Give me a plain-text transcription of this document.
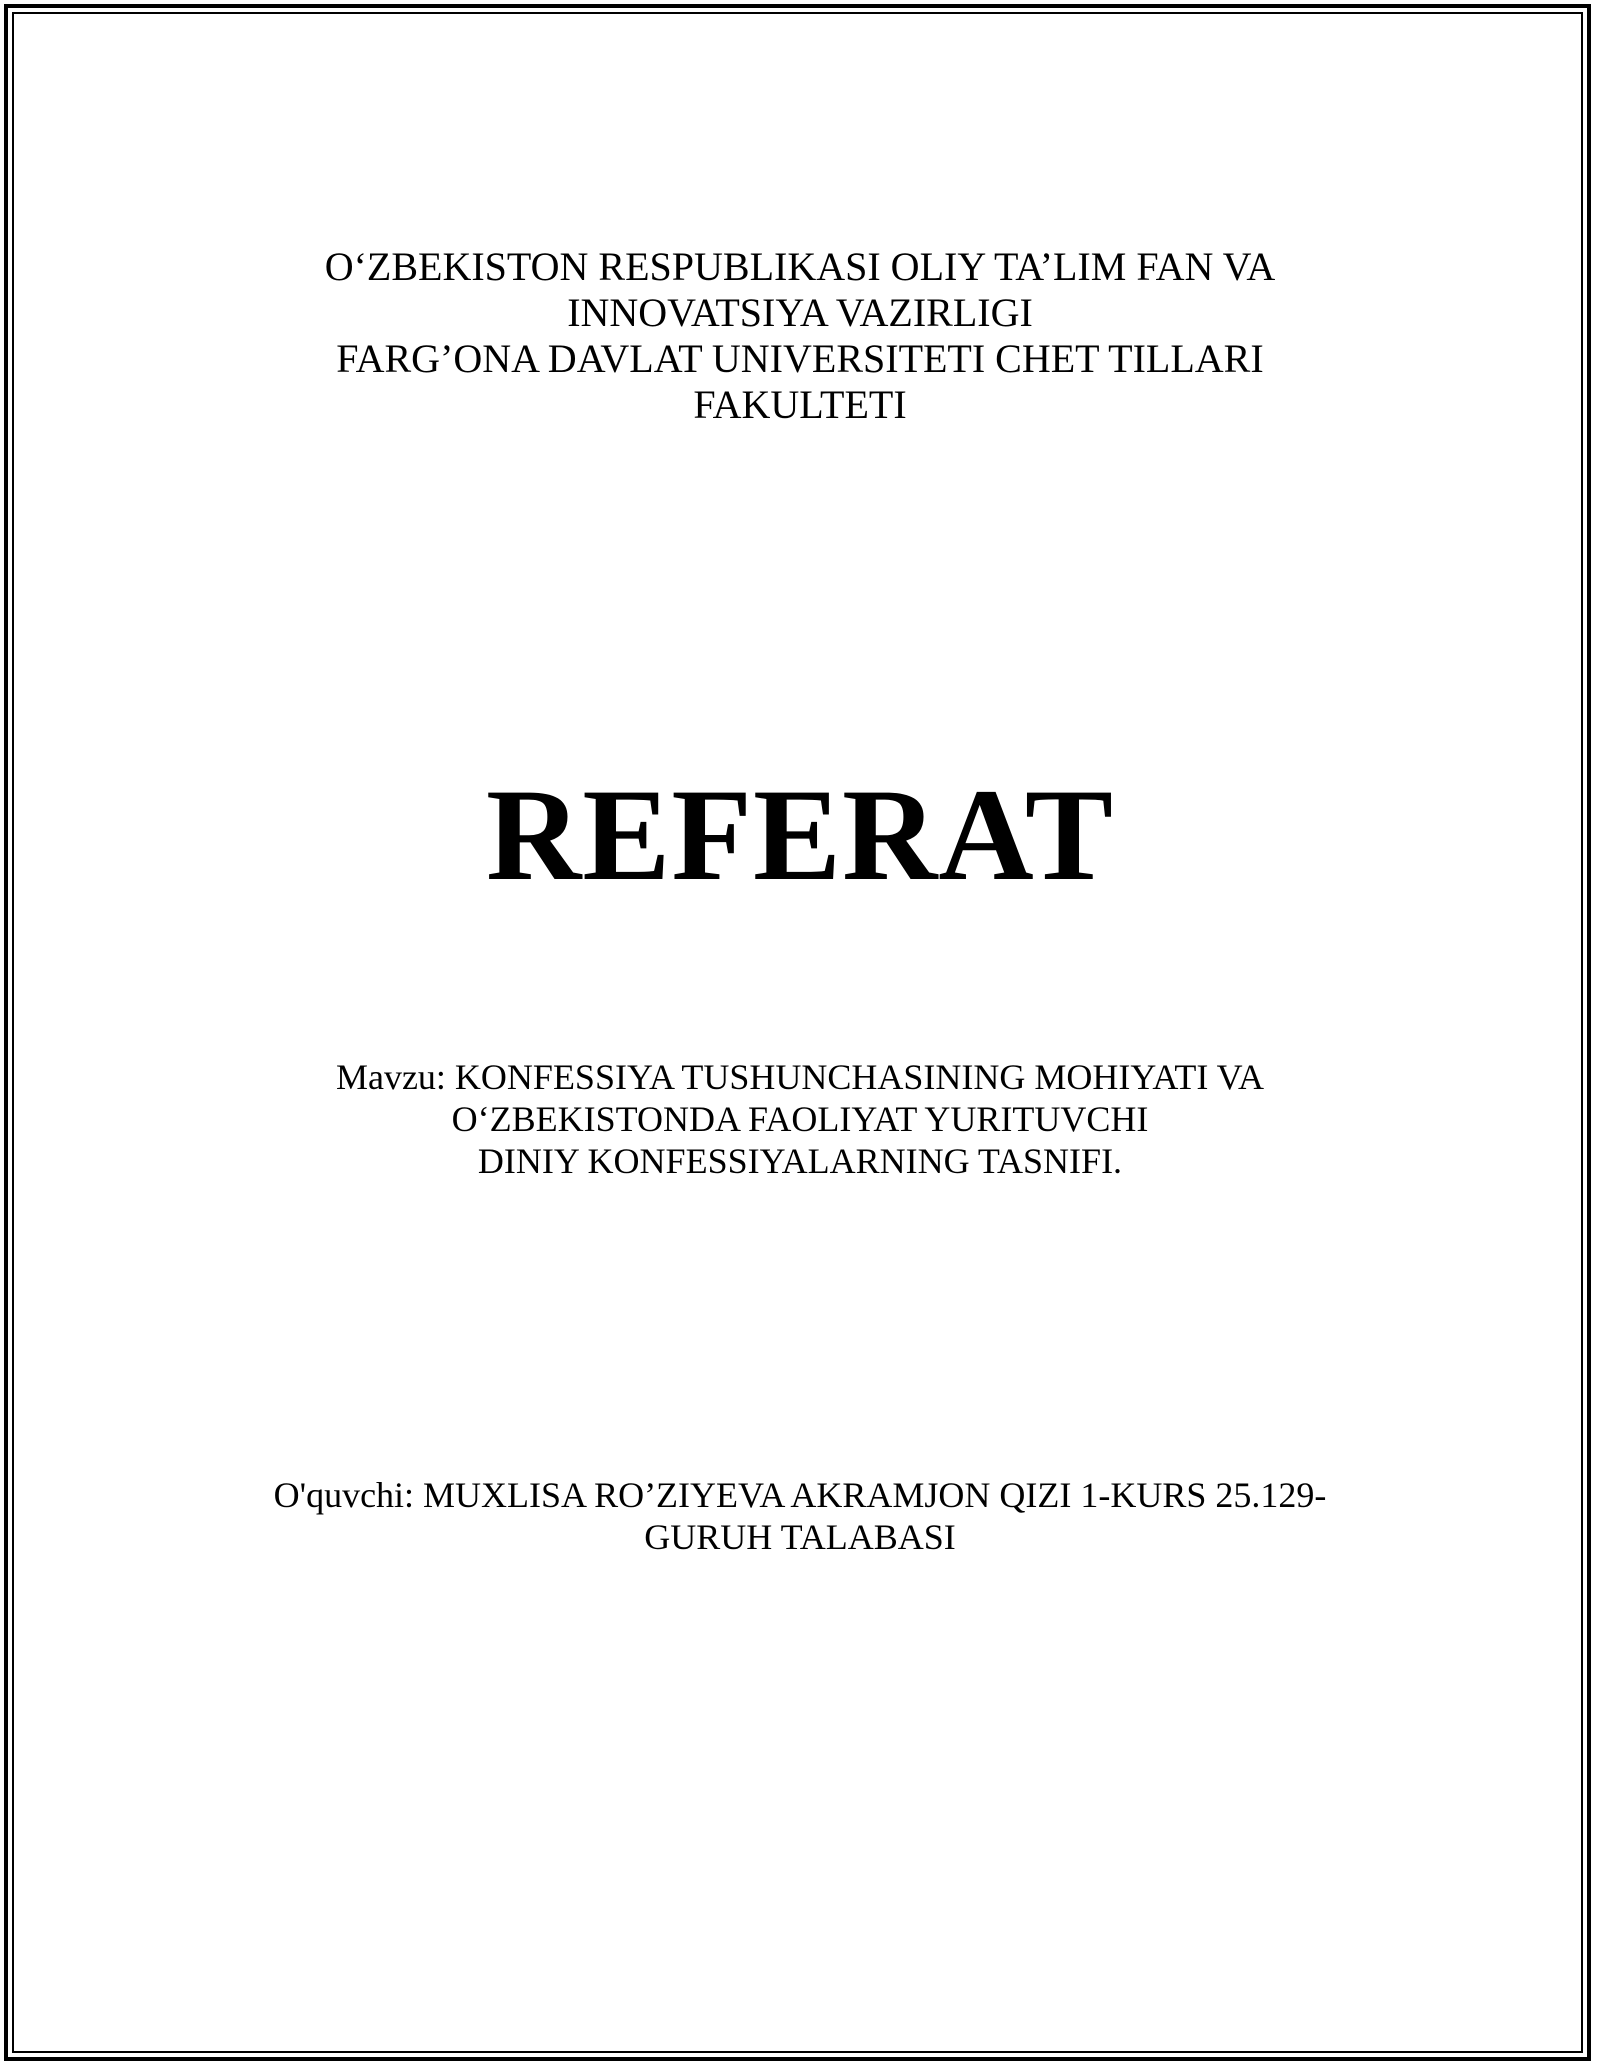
O‘ZBEKISTON RESPUBLIKASI OLIY TA’LIM FAN VA
INNOVATSIYA VAZIRLIGI
FARG’ONA DAVLAT UNIVERSITETI CHET TILLARI
FAKULTETI
REFERAT
Mavzu: KONFESSIYA TUSHUNCHASINING MOHIYATI VA
O‘ZBEKISTONDA FAOLIYAT YURITUVCHI
DINIY KONFESSIYALARNING TASNIFI.
O'quvchi: MUXLISA RO’ZIYEVA AKRAMJON QIZI 1-KURS 25.129-
GURUH TALABASI
